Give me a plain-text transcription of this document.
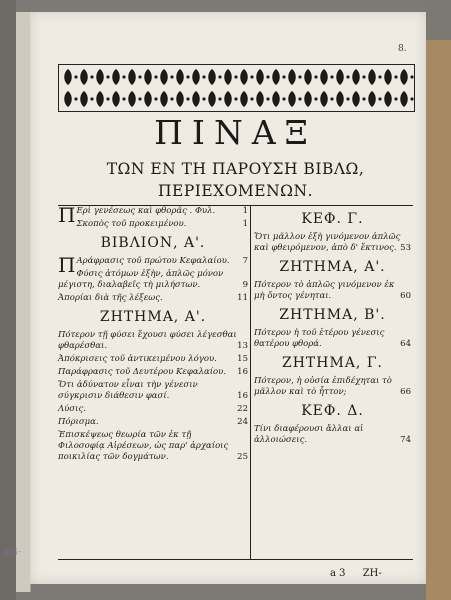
8.
ΠΙΝΑΞ
ΤΩΝ ΕΝ ΤΗ ΠΑΡΟΥΣΗ ΒΙΒΛΩ,
ΠΕΡΙΕΧΟΜΕΝΩΝ.
Π Ερὶ γενέσεως καὶ φθορᾶς . Φυλ.	1
Σκοπὸς τοῦ προκειμένου.	1
ΒΙΒΛΙΟΝ, Α'.
Π Αράφρασις τοῦ πρώτου Κεφαλαίου. 7
Φύσις ἀτόμων ἐξὴν, ἀπλῶς μόνον μέγιστη, διαλαβεῖς τὴ μιλήστων.	9
Ἀπορίαι διὰ τῆς λέξεως.	11
ΖΗΤΗΜΑ, Α'.
Πότερον τῇ φύσει ἔχουσι φύσει λέγεσθαι φθαρέσθαι.	13
Ἀπόκρισεις τοῦ ἀντικειμένου λόγου. 15
Παράφρασις τοῦ Δευτέρου Κεφαλαίου. 16
Ὅτι ἀδύνατον εἶναι τὴν γένεσιν σύγκρισιν διάθεσιν φασί.	16
Λύσις.	22
Πόρισμα.	24
Ἐπισκέψεως θεωρία τῶν ἐκ τῇ Φιλοσοφίᾳ Αἱρέσεων, ὡς παρ' ἀρχαίοις ποικιλίας τῶν δογμάτων.	25
ΚΕΦ. Γ.
Ὅτι μᾶλλον ἐξὴ γινόμενον ἁπλῶς καὶ φθειρόμενον, ἀπὸ δ' ἔκτινος. 53
ΖΗΤΗΜΑ, Α'.
Πότερον τὸ ἁπλῶς γινόμενον ἐκ μὴ ὄντος γένηται.	60
ΖΗΤΗΜΑ, Β'.
Πότερον ἡ τοῦ ἑτέρου γένεσις θατέρου φθορά.	64
ΖΗΤΗΜΑ, Γ.
Πότερον, ἡ οὐσία ἐπιδέχηται τὸ μᾶλλον καὶ τὸ ἧττον;	66
ΚΕΦ. Δ.
Τίνι διαφέρουσι ἄλλαι αἱ ἀλλοιώσεις.	74
a 3 ΖΗ-
ZH-
